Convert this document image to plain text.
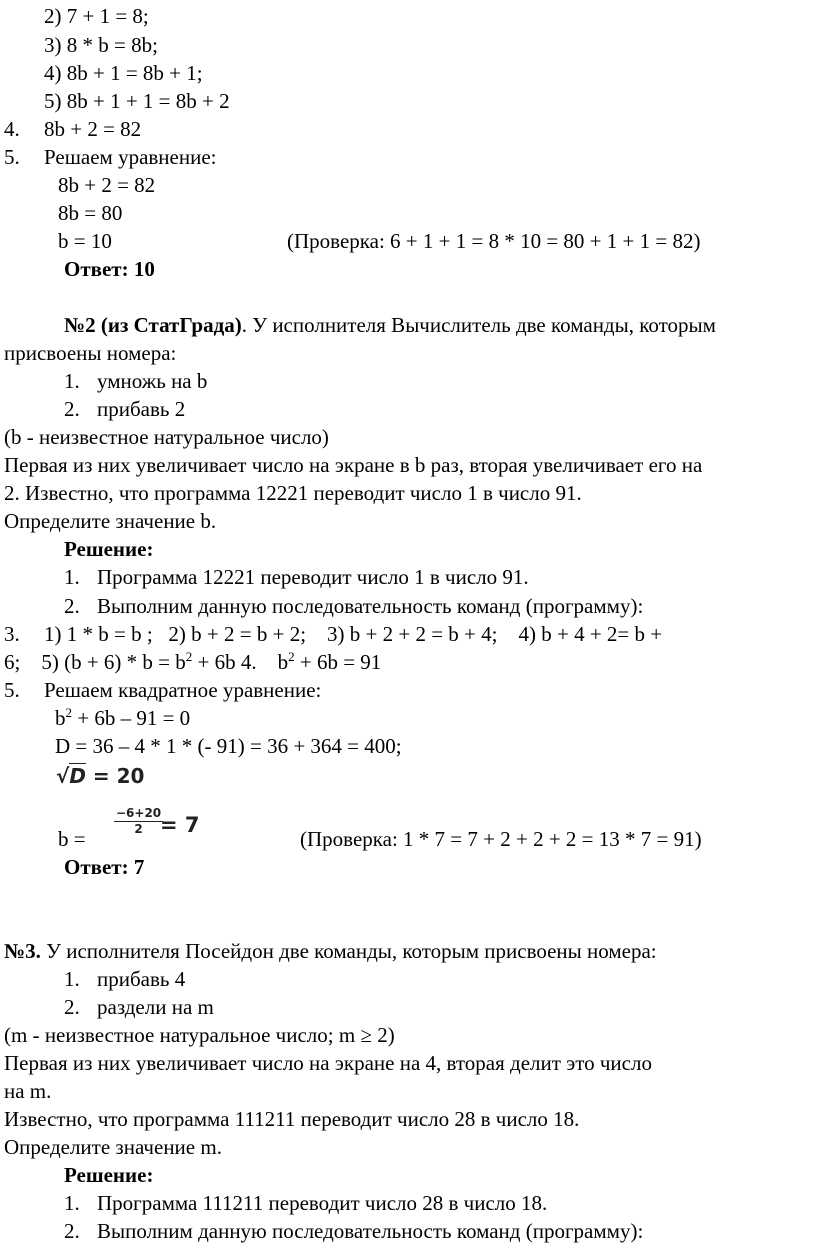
2) 7 + 1 = 8;
3) 8 * b = 8b;
4) 8b + 1 = 8b + 1;
5) 8b + 1 + 1 = 8b + 2
4. 8b + 2 = 82
5. Решаем уравнение:
8b + 2 = 82
8b = 80
b = 10	(Проверка: 6 + 1 + 1 = 8 * 10 = 80 + 1 + 1 = 82)
Ответ: 10
№2 (из СтатГрада). У исполнителя Вычислитель две команды, которым
присвоены номера:
1. умножь на b
2. прибавь 2
(b - неизвестное натуральное число)
Первая из них увеличивает число на экране в b раз, вторая увеличивает его на
2. Известно, что программа 12221 переводит число 1 в число 91.
Определите значение b.
Решение:
1. Программа 12221 переводит число 1 в число 91.
2. Выполним данную последовательность команд (программу):
3. 1) 1 * b = b ;   2) b + 2 = b + 2;    3) b + 2 + 2 = b + 4;    4) b + 4 + 2= b +
6;    5) $(b + 6) * b = b^2 + 6b$ 4.    $b^2 + 6b = 91$
5. Решаем квадратное уравнение:
$b^2 + 6b - 91 = 0$
D = 36 – 4 * 1 * (- 91) = 36 + 364 = 400;
√D = 20
b =
$\frac{-6+20}{2}$
= 7
(Проверка: 1 * 7 = 7 + 2 + 2 + 2 = 13 * 7 = 91)
Ответ: 7
№3. У исполнителя Посейдон две команды, которым присвоены номера:
1. прибавь 4
2. раздели на m
(m - неизвестное натуральное число; m ≥ 2)
Первая из них увеличивает число на экране на 4, вторая делит это число
на m.
Известно, что программа 111211 переводит число 28 в число 18.
Определите значение m.
Решение:
1. Программа 111211 переводит число 28 в число 18.
2. Выполним данную последовательность команд (программу):
